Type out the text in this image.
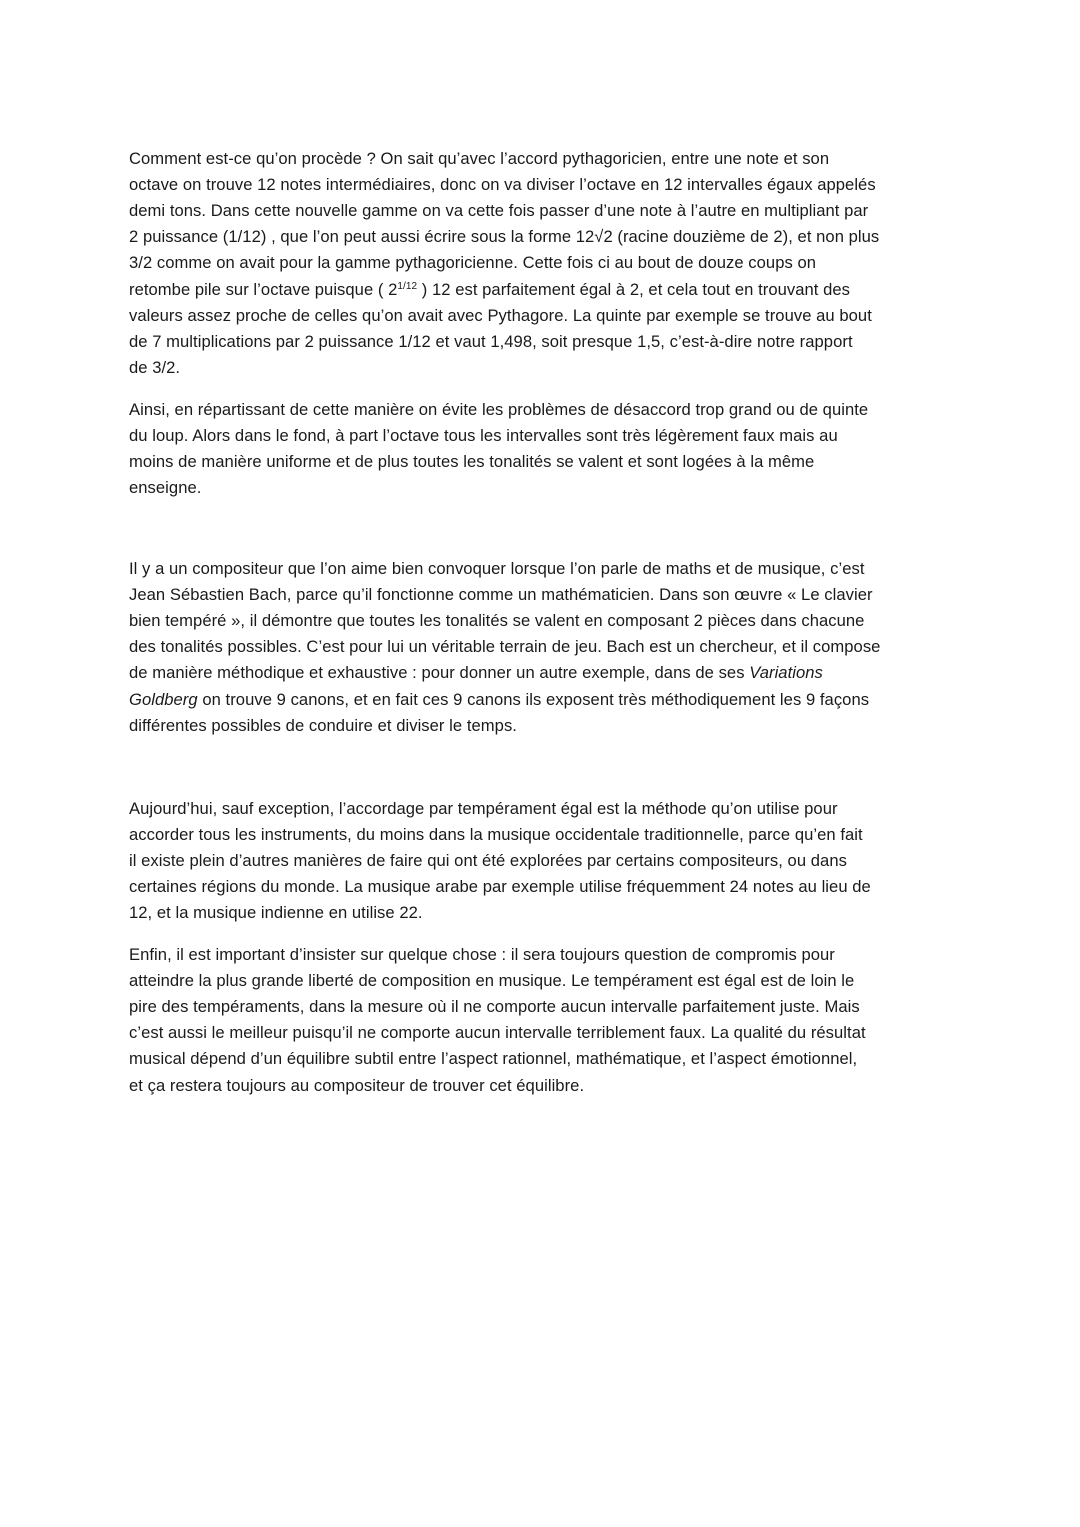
Comment est-ce qu’on procède ? On sait qu’avec l’accord pythagoricien, entre une note et son
octave on trouve 12 notes intermédiaires, donc on va diviser l’octave en 12 intervalles égaux appelés
demi tons. Dans cette nouvelle gamme on va cette fois passer d’une note à l’autre en multipliant par
2 puissance (1/12) , que l’on peut aussi écrire sous la forme 12√2 (racine douzième de 2), et non plus
3/2 comme on avait pour la gamme pythagoricienne. Cette fois ci au bout de douze coups on
retombe pile sur l’octave puisque ( $2^{1/12}$ ) 12 est parfaitement égal à 2, et cela tout en trouvant des
valeurs assez proche de celles qu’on avait avec Pythagore. La quinte par exemple se trouve au bout
de 7 multiplications par 2 puissance 1/12 et vaut 1,498, soit presque 1,5, c’est-à-dire notre rapport
de 3/2.

Ainsi, en répartissant de cette manière on évite les problèmes de désaccord trop grand ou de quinte
du loup. Alors dans le fond, à part l’octave tous les intervalles sont très légèrement faux mais au
moins de manière uniforme et de plus toutes les tonalités se valent et sont logées à la même
enseigne.

Il y a un compositeur que l’on aime bien convoquer lorsque l’on parle de maths et de musique, c’est
Jean Sébastien Bach, parce qu’il fonctionne comme un mathématicien. Dans son œuvre « Le clavier
bien tempéré », il démontre que toutes les tonalités se valent en composant 2 pièces dans chacune
des tonalités possibles. C’est pour lui un véritable terrain de jeu. Bach est un chercheur, et il compose
de manière méthodique et exhaustive : pour donner un autre exemple, dans de ses Variations
Goldberg on trouve 9 canons, et en fait ces 9 canons ils exposent très méthodiquement les 9 façons
différentes possibles de conduire et diviser le temps.

Aujourd’hui, sauf exception, l’accordage par tempérament égal est la méthode qu’on utilise pour
accorder tous les instruments, du moins dans la musique occidentale traditionnelle, parce qu’en fait
il existe plein d’autres manières de faire qui ont été explorées par certains compositeurs, ou dans
certaines régions du monde. La musique arabe par exemple utilise fréquemment 24 notes au lieu de
12, et la musique indienne en utilise 22.

Enfin, il est important d’insister sur quelque chose : il sera toujours question de compromis pour
atteindre la plus grande liberté de composition en musique. Le tempérament est égal est de loin le
pire des tempéraments, dans la mesure où il ne comporte aucun intervalle parfaitement juste. Mais
c’est aussi le meilleur puisqu’il ne comporte aucun intervalle terriblement faux. La qualité du résultat
musical dépend d’un équilibre subtil entre l’aspect rationnel, mathématique, et l’aspect émotionnel,
et ça restera toujours au compositeur de trouver cet équilibre.
